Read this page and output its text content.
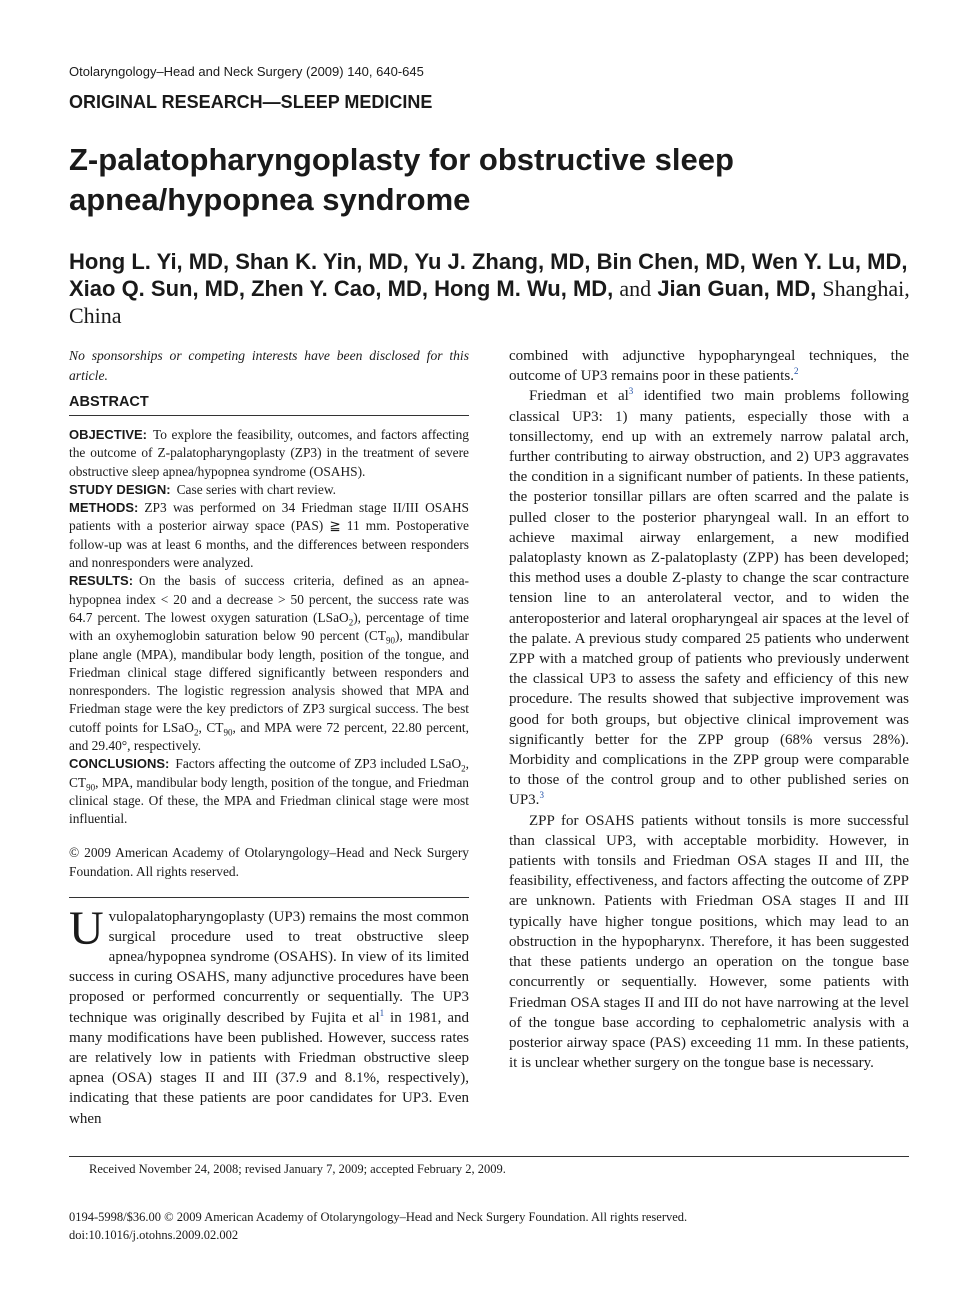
Otolaryngology–Head and Neck Surgery (2009) 140, 640-645
ORIGINAL RESEARCH—SLEEP MEDICINE
Z-palatopharyngoplasty for obstructive sleep apnea/hypopnea syndrome
Hong L. Yi, MD, Shan K. Yin, MD, Yu J. Zhang, MD, Bin Chen, MD, Wen Y. Lu, MD, Xiao Q. Sun, MD, Zhen Y. Cao, MD, Hong M. Wu, MD, and Jian Guan, MD, Shanghai, China

No sponsorships or competing interests have been disclosed for this article.

ABSTRACT

OBJECTIVE: To explore the feasibility, outcomes, and factors affecting the outcome of Z-palatopharyngoplasty (ZP3) in the treatment of severe obstructive sleep apnea/hypopnea syndrome (OSAHS).

STUDY DESIGN: Case series with chart review.

METHODS: ZP3 was performed on 34 Friedman stage II/III OSAHS patients with a posterior airway space (PAS) ≧ 11 mm. Postoperative follow-up was at least 6 months, and the differences between responders and nonresponders were analyzed.

RESULTS: On the basis of success criteria, defined as an apnea-hypopnea index < 20 and a decrease > 50 percent, the success rate was 64.7 percent. The lowest oxygen saturation (LSaO$_2$), percentage of time with an oxyhemoglobin saturation below 90 percent $(CT_{90})$, mandibular plane angle (MPA), mandibular body length, position of the tongue, and Friedman clinical stage differed significantly between responders and nonresponders. The logistic regression analysis showed that MPA and Friedman stage were the key predictors of ZP3 surgical success. The best cutoff points for LSaO$_2$, $CT_{90}$, and MPA were 72 percent, 22.80 percent, and 29.40°, respectively.

CONCLUSIONS: Factors affecting the outcome of ZP3 included LSaO$_2$, $CT_{90}$, MPA, mandibular body length, position of the tongue, and Friedman clinical stage. Of these, the MPA and Friedman clinical stage were most influential.

© 2009 American Academy of Otolaryngology–Head and Neck Surgery Foundation. All rights reserved.

Uvulopalatopharyngoplasty (UP3) remains the most common surgical procedure used to treat obstructive sleep apnea/hypopnea syndrome (OSAHS). In view of its limited success in curing OSAHS, many adjunctive procedures have been proposed or performed concurrently or sequentially. The UP3 technique was originally described by Fujita et $al^1$ in 1981, and many modifications have been published. However, success rates are relatively low in patients with Friedman obstructive sleep apnea (OSA) stages II and III (37.9 and 8.1%, respectively), indicating that these patients are poor candidates for UP3. Even when

combined with adjunctive hypopharyngeal techniques, the outcome of UP3 remains poor in these patients.$^2$

Friedman et $al^3$ identified two main problems following classical UP3: 1) many patients, especially those with a tonsillectomy, end up with an extremely narrow palatal arch, further contributing to airway obstruction, and 2) UP3 aggravates the condition in a significant number of patients. In these patients, the posterior tonsillar pillars are often scarred and the palate is pulled closer to the posterior pharyngeal wall. In an effort to achieve maximal airway enlargement, a new modified palatoplasty known as Z-palatoplasty (ZPP) has been developed; this method uses a double Z-plasty to change the scar contracture tension line to an anterolateral vector, and to widen the anteroposterior and lateral oropharyngeal air spaces at the level of the palate. A previous study compared 25 patients who underwent ZPP with a matched group of patients who previously underwent the classical UP3 to assess the safety and efficiency of this new procedure. The results showed that subjective improvement was good for both groups, but objective clinical improvement was significantly better for the ZPP group (68% versus 28%). Morbidity and complications in the ZPP group were comparable to those of the control group and to other published series on UP3.$^3$

ZPP for OSAHS patients without tonsils is more successful than classical UP3, with acceptable morbidity. However, in patients with tonsils and Friedman OSA stages II and III, the feasibility, effectiveness, and factors affecting the outcome of ZPP are unknown. Patients with Friedman OSA stages II and III typically have higher tongue positions, which may lead to an obstruction in the hypopharynx. Therefore, it has been suggested that these patients undergo an operation on the tongue base concurrently or sequentially. However, some patients with Friedman OSA stages II and III do not have narrowing at the level of the tongue base according to cephalometric analysis with a posterior airway space (PAS) exceeding 11 mm. In these patients, it is unclear whether surgery on the tongue base is necessary.

Received November 24, 2008; revised January 7, 2009; accepted February 2, 2009.
0194-5998/$36.00 © 2009 American Academy of Otolaryngology–Head and Neck Surgery Foundation. All rights reserved.
doi:10.1016/j.otohns.2009.02.002
